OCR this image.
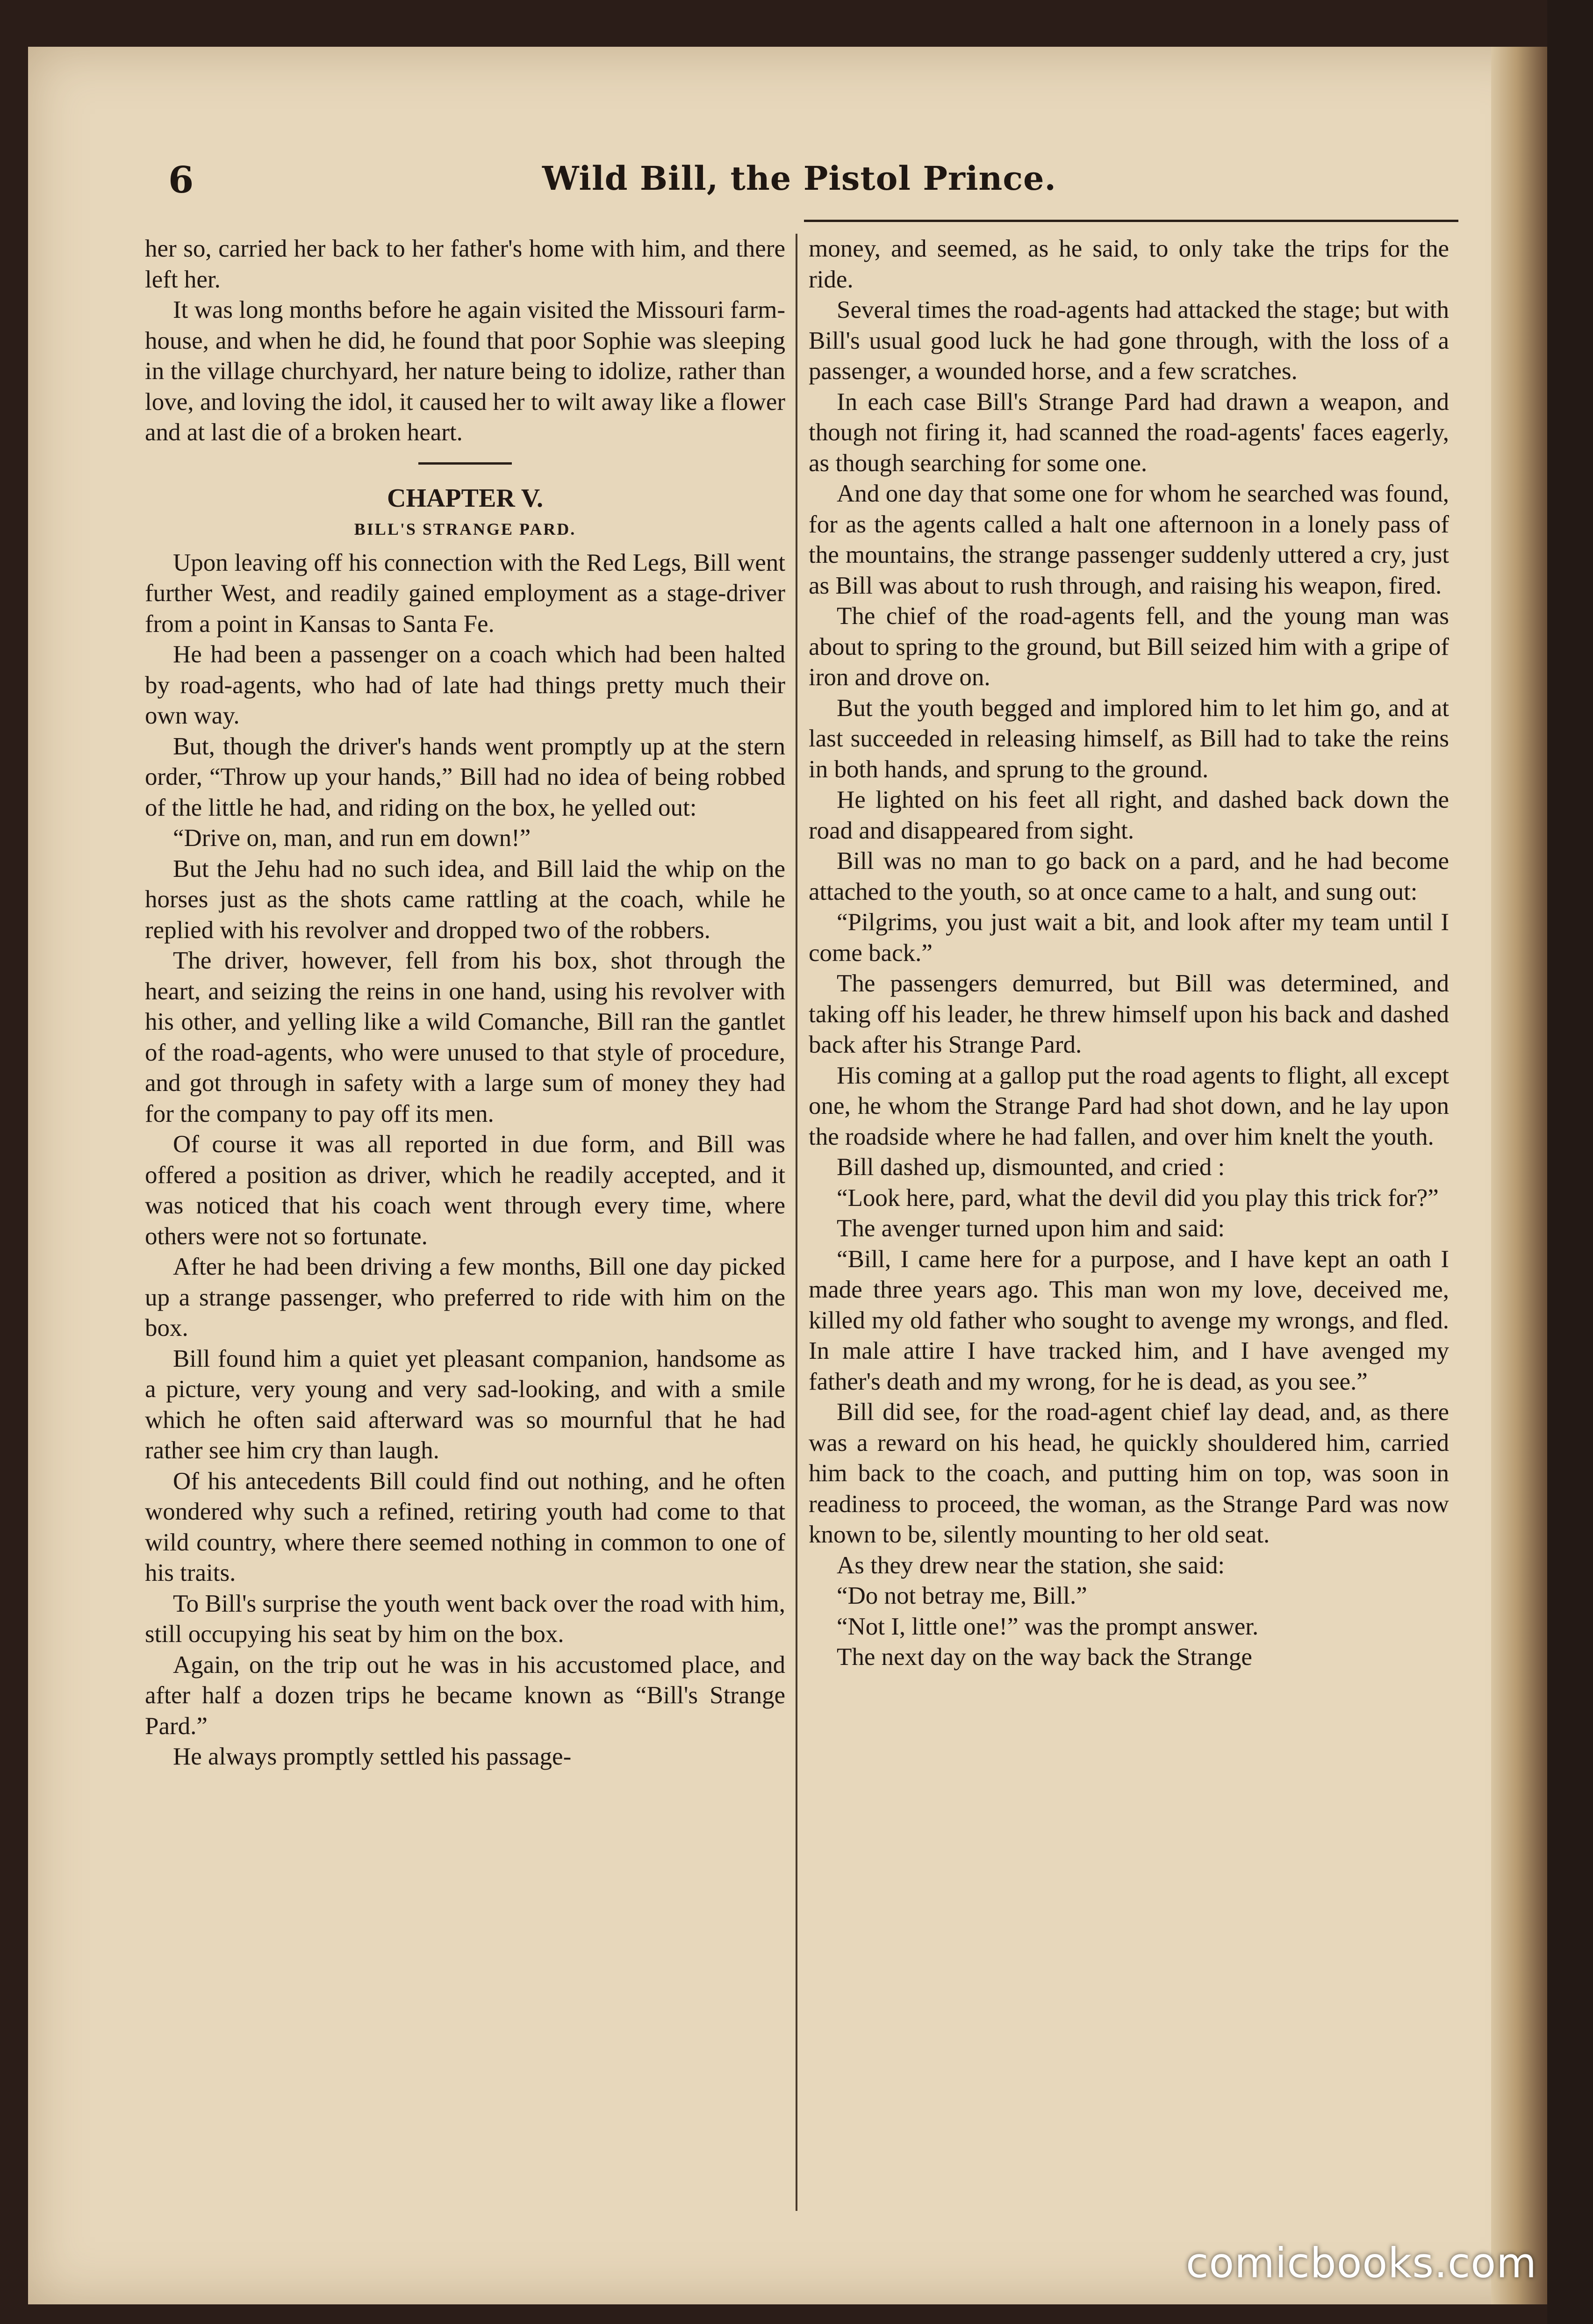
6	Wild Bill, the Pistol Prince.

her so, carried her back to her father's home with him, and there left her.

It was long months before he again visited the Missouri farm-house, and when he did, he found that poor Sophie was sleeping in the village churchyard, her nature being to idolize, rather than love, and loving the idol, it caused her to wilt away like a flower and at last die of a broken heart.

CHAPTER V.
BILL'S STRANGE PARD.

Upon leaving off his connection with the Red Legs, Bill went further West, and readily gained employment as a stage-driver from a point in Kansas to Santa Fe.

He had been a passenger on a coach which had been halted by road-agents, who had of late had things pretty much their own way.

But, though the driver's hands went promptly up at the stern order, “Throw up your hands,” Bill had no idea of being robbed of the little he had, and riding on the box, he yelled out:

“Drive on, man, and run em down!”

But the Jehu had no such idea, and Bill laid the whip on the horses just as the shots came rattling at the coach, while he replied with his revolver and dropped two of the robbers.

The driver, however, fell from his box, shot through the heart, and seizing the reins in one hand, using his revolver with his other, and yelling like a wild Comanche, Bill ran the gantlet of the road-agents, who were unused to that style of procedure, and got through in safety with a large sum of money they had for the company to pay off its men.

Of course it was all reported in due form, and Bill was offered a position as driver, which he readily accepted, and it was noticed that his coach went through every time, where others were not so fortunate.

After he had been driving a few months, Bill one day picked up a strange passenger, who preferred to ride with him on the box.

Bill found him a quiet yet pleasant companion, handsome as a picture, very young and very sad-looking, and with a smile which he often said afterward was so mournful that he had rather see him cry than laugh.

Of his antecedents Bill could find out nothing, and he often wondered why such a refined, retiring youth had come to that wild country, where there seemed nothing in common to one of his traits.

To Bill's surprise the youth went back over the road with him, still occupying his seat by him on the box.

Again, on the trip out he was in his accustomed place, and after half a dozen trips he became known as “Bill's Strange Pard.”

He always promptly settled his passage-

money, and seemed, as he said, to only take the trips for the ride.

Several times the road-agents had attacked the stage; but with Bill's usual good luck he had gone through, with the loss of a passenger, a wounded horse, and a few scratches.

In each case Bill's Strange Pard had drawn a weapon, and though not firing it, had scanned the road-agents' faces eagerly, as though searching for some one.

And one day that some one for whom he searched was found, for as the agents called a halt one afternoon in a lonely pass of the mountains, the strange passenger suddenly uttered a cry, just as Bill was about to rush through, and raising his weapon, fired.

The chief of the road-agents fell, and the young man was about to spring to the ground, but Bill seized him with a gripe of iron and drove on.

But the youth begged and implored him to let him go, and at last succeeded in releasing himself, as Bill had to take the reins in both hands, and sprung to the ground.

He lighted on his feet all right, and dashed back down the road and disappeared from sight.

Bill was no man to go back on a pard, and he had become attached to the youth, so at once came to a halt, and sung out:

“Pilgrims, you just wait a bit, and look after my team until I come back.”

The passengers demurred, but Bill was determined, and taking off his leader, he threw himself upon his back and dashed back after his Strange Pard.

His coming at a gallop put the road agents to flight, all except one, he whom the Strange Pard had shot down, and he lay upon the roadside where he had fallen, and over him knelt the youth.

Bill dashed up, dismounted, and cried :

“Look here, pard, what the devil did you play this trick for?”

The avenger turned upon him and said:

“Bill, I came here for a purpose, and I have kept an oath I made three years ago. This man won my love, deceived me, killed my old father who sought to avenge my wrongs, and fled. In male attire I have tracked him, and I have avenged my father's death and my wrong, for he is dead, as you see.”

Bill did see, for the road-agent chief lay dead, and, as there was a reward on his head, he quickly shouldered him, carried him back to the coach, and putting him on top, was soon in readiness to proceed, the woman, as the Strange Pard was now known to be, silently mounting to her old seat.

As they drew near the station, she said:

“Do not betray me, Bill.”

“Not I, little one!” was the prompt answer.

The next day on the way back the Strange

comicbooks.com
